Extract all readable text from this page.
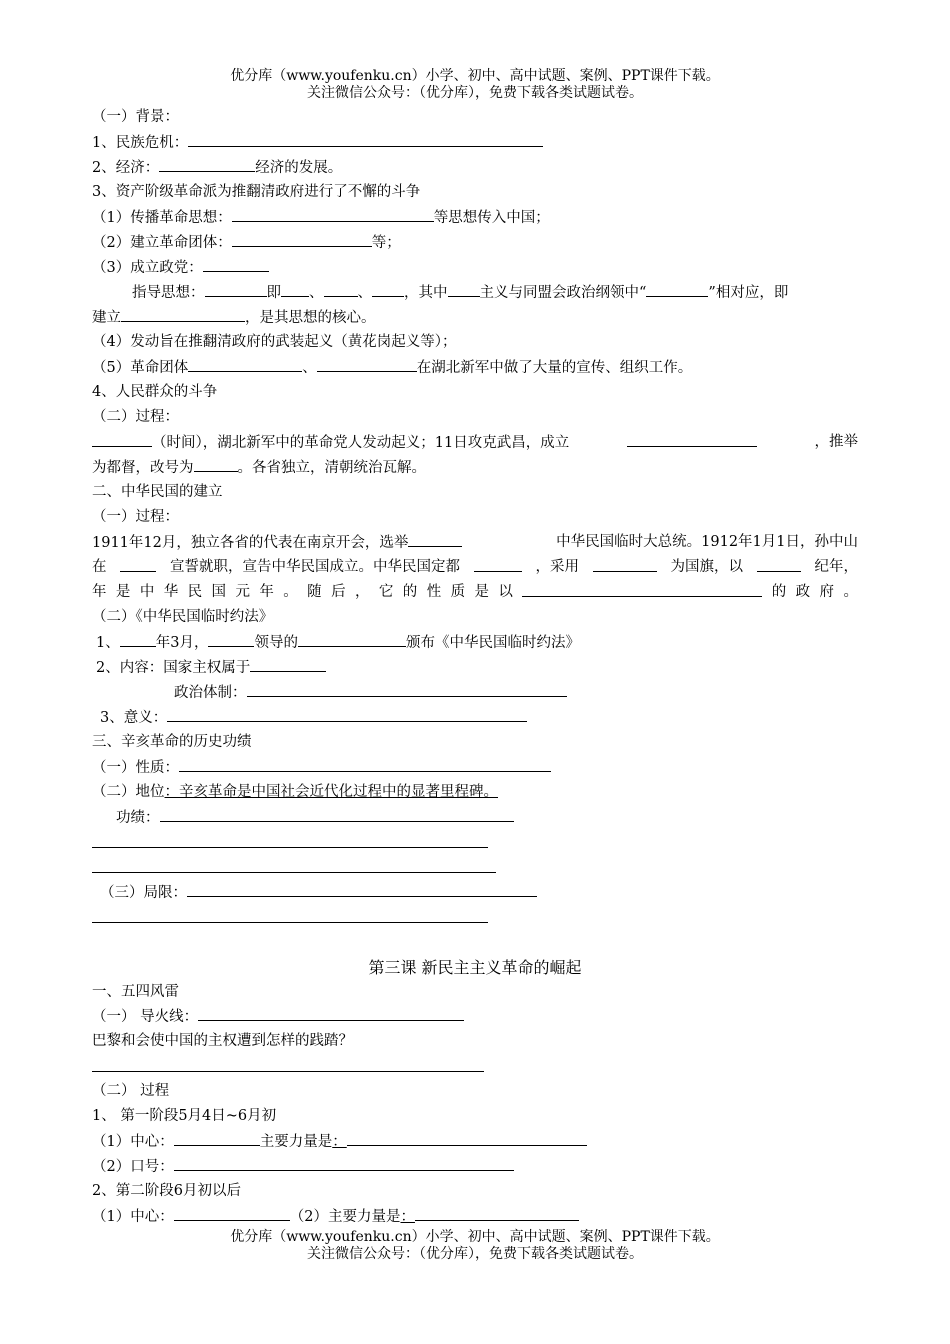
优分库（www.youfenku.cn）小学、初中、高中试题、案例、PPT课件下载。
关注微信公众号：（优分库），免费下载各类试题试卷。
（一）背景：
1、民族危机：
2、经济：	经济的发展。
3、资产阶级革命派为推翻清政府进行了不懈的斗争
（1）传播革命思想：	等思想传入中国；
（2）建立革命团体：	等；
（3）成立政党：
指导思想：	即 、 、 ，其中 主义与同盟会政治纲领中“	”相对应，即
建立	，是其思想的核心。
（4）发动旨在推翻清政府的武装起义（黄花岗起义等）；
（5）革命团体	、	在湖北新军中做了大量的宣传、组织工作。
4、人民群众的斗争
（二）过程：
（时间），湖北新军中的革命党人发动起义；11日攻克武昌，成立	，推举
为都督，改号为	。各省独立，清朝统治瓦解。
二、中华民国的建立
（一）过程：
1911年12月，独立各省的代表在南京开会，选举	中华民国临时大总统。1912年1月1日，孙中山
在	宣誓就职，宣告中华民国成立。中华民国定都	，采用	为国旗，以	纪年，
年 是 中 华 民 国 元 年 。 随 后 ， 它 的 性 质 是 以	的 政 府 。
（二）《中华民国临时约法》
1、 年3月，	领导的	颁布《中华民国临时约法》
2、内容：国家主权属于
政治体制：
3、意义：
三、辛亥革命的历史功绩
（一）性质：
（二）地位：辛亥革命是中国社会近代化过程中的显著里程碑。
功绩：
（三）局限：
第三课 新民主主义革命的崛起
一、五四风雷
（一） 导火线：
巴黎和会使中国的主权遭到怎样的践踏？
（二） 过程
1、 第一阶段5月4日~6月初
（1）中心：	主要力量是：
（2）口号：
2、第二阶段6月初以后
（1）中心：	（2）主要力量是：
优分库（www.youfenku.cn）小学、初中、高中试题、案例、PPT课件下载。
关注微信公众号：（优分库），免费下载各类试题试卷。
